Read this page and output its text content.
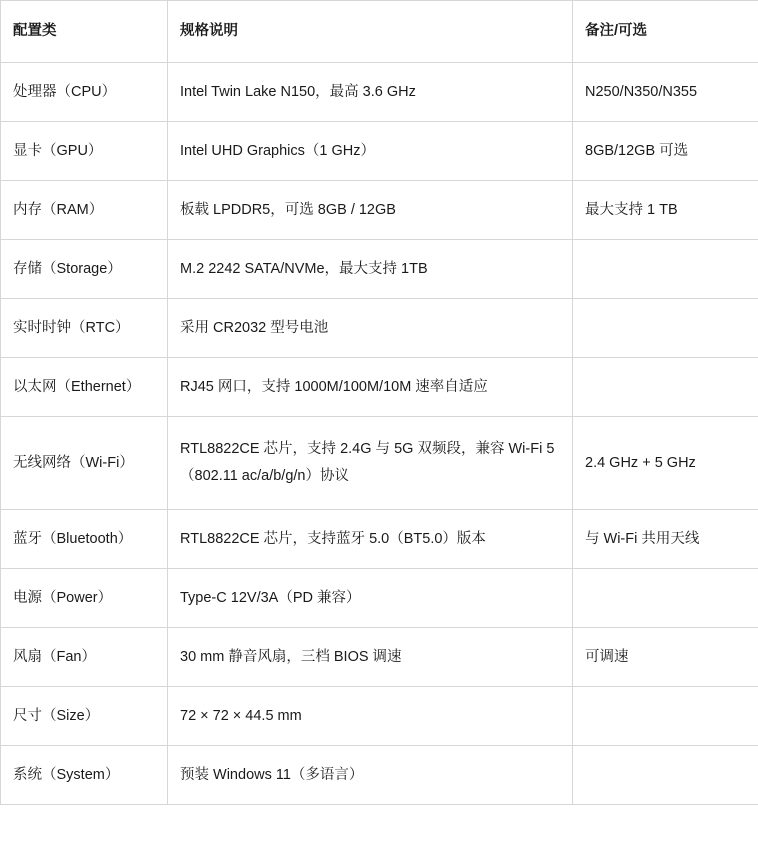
配置类	规格说明	备注/可选
处理器（CPU）	Intel Twin Lake N150，最高 3.6 GHz	N250/N350/N355
显卡（GPU）	Intel UHD Graphics（1 GHz）	8GB/12GB 可选
内存（RAM）	板载 LPDDR5，可选 8GB / 12GB	最大支持 1 TB
存储（Storage）	M.2 2242 SATA/NVMe，最大支持 1TB	
实时时钟（RTC）	采用 CR2032 型号电池	
以太网（Ethernet）	RJ45 网口，支持 1000M/100M/10M 速率自适应	
无线网络（Wi-Fi）	RTL8822CE 芯片，支持 2.4G 与 5G 双频段，兼容 Wi-Fi 5（802.11 ac/a/b/g/n）协议	2.4 GHz + 5 GHz
蓝牙（Bluetooth）	RTL8822CE 芯片，支持蓝牙 5.0（BT5.0）版本	与 Wi-Fi 共用天线
电源（Power）	Type-C 12V/3A（PD 兼容）	
风扇（Fan）	30 mm 静音风扇，三档 BIOS 调速	可调速
尺寸（Size）	72 × 72 × 44.5 mm	
系统（System）	预装 Windows 11（多语言）	
